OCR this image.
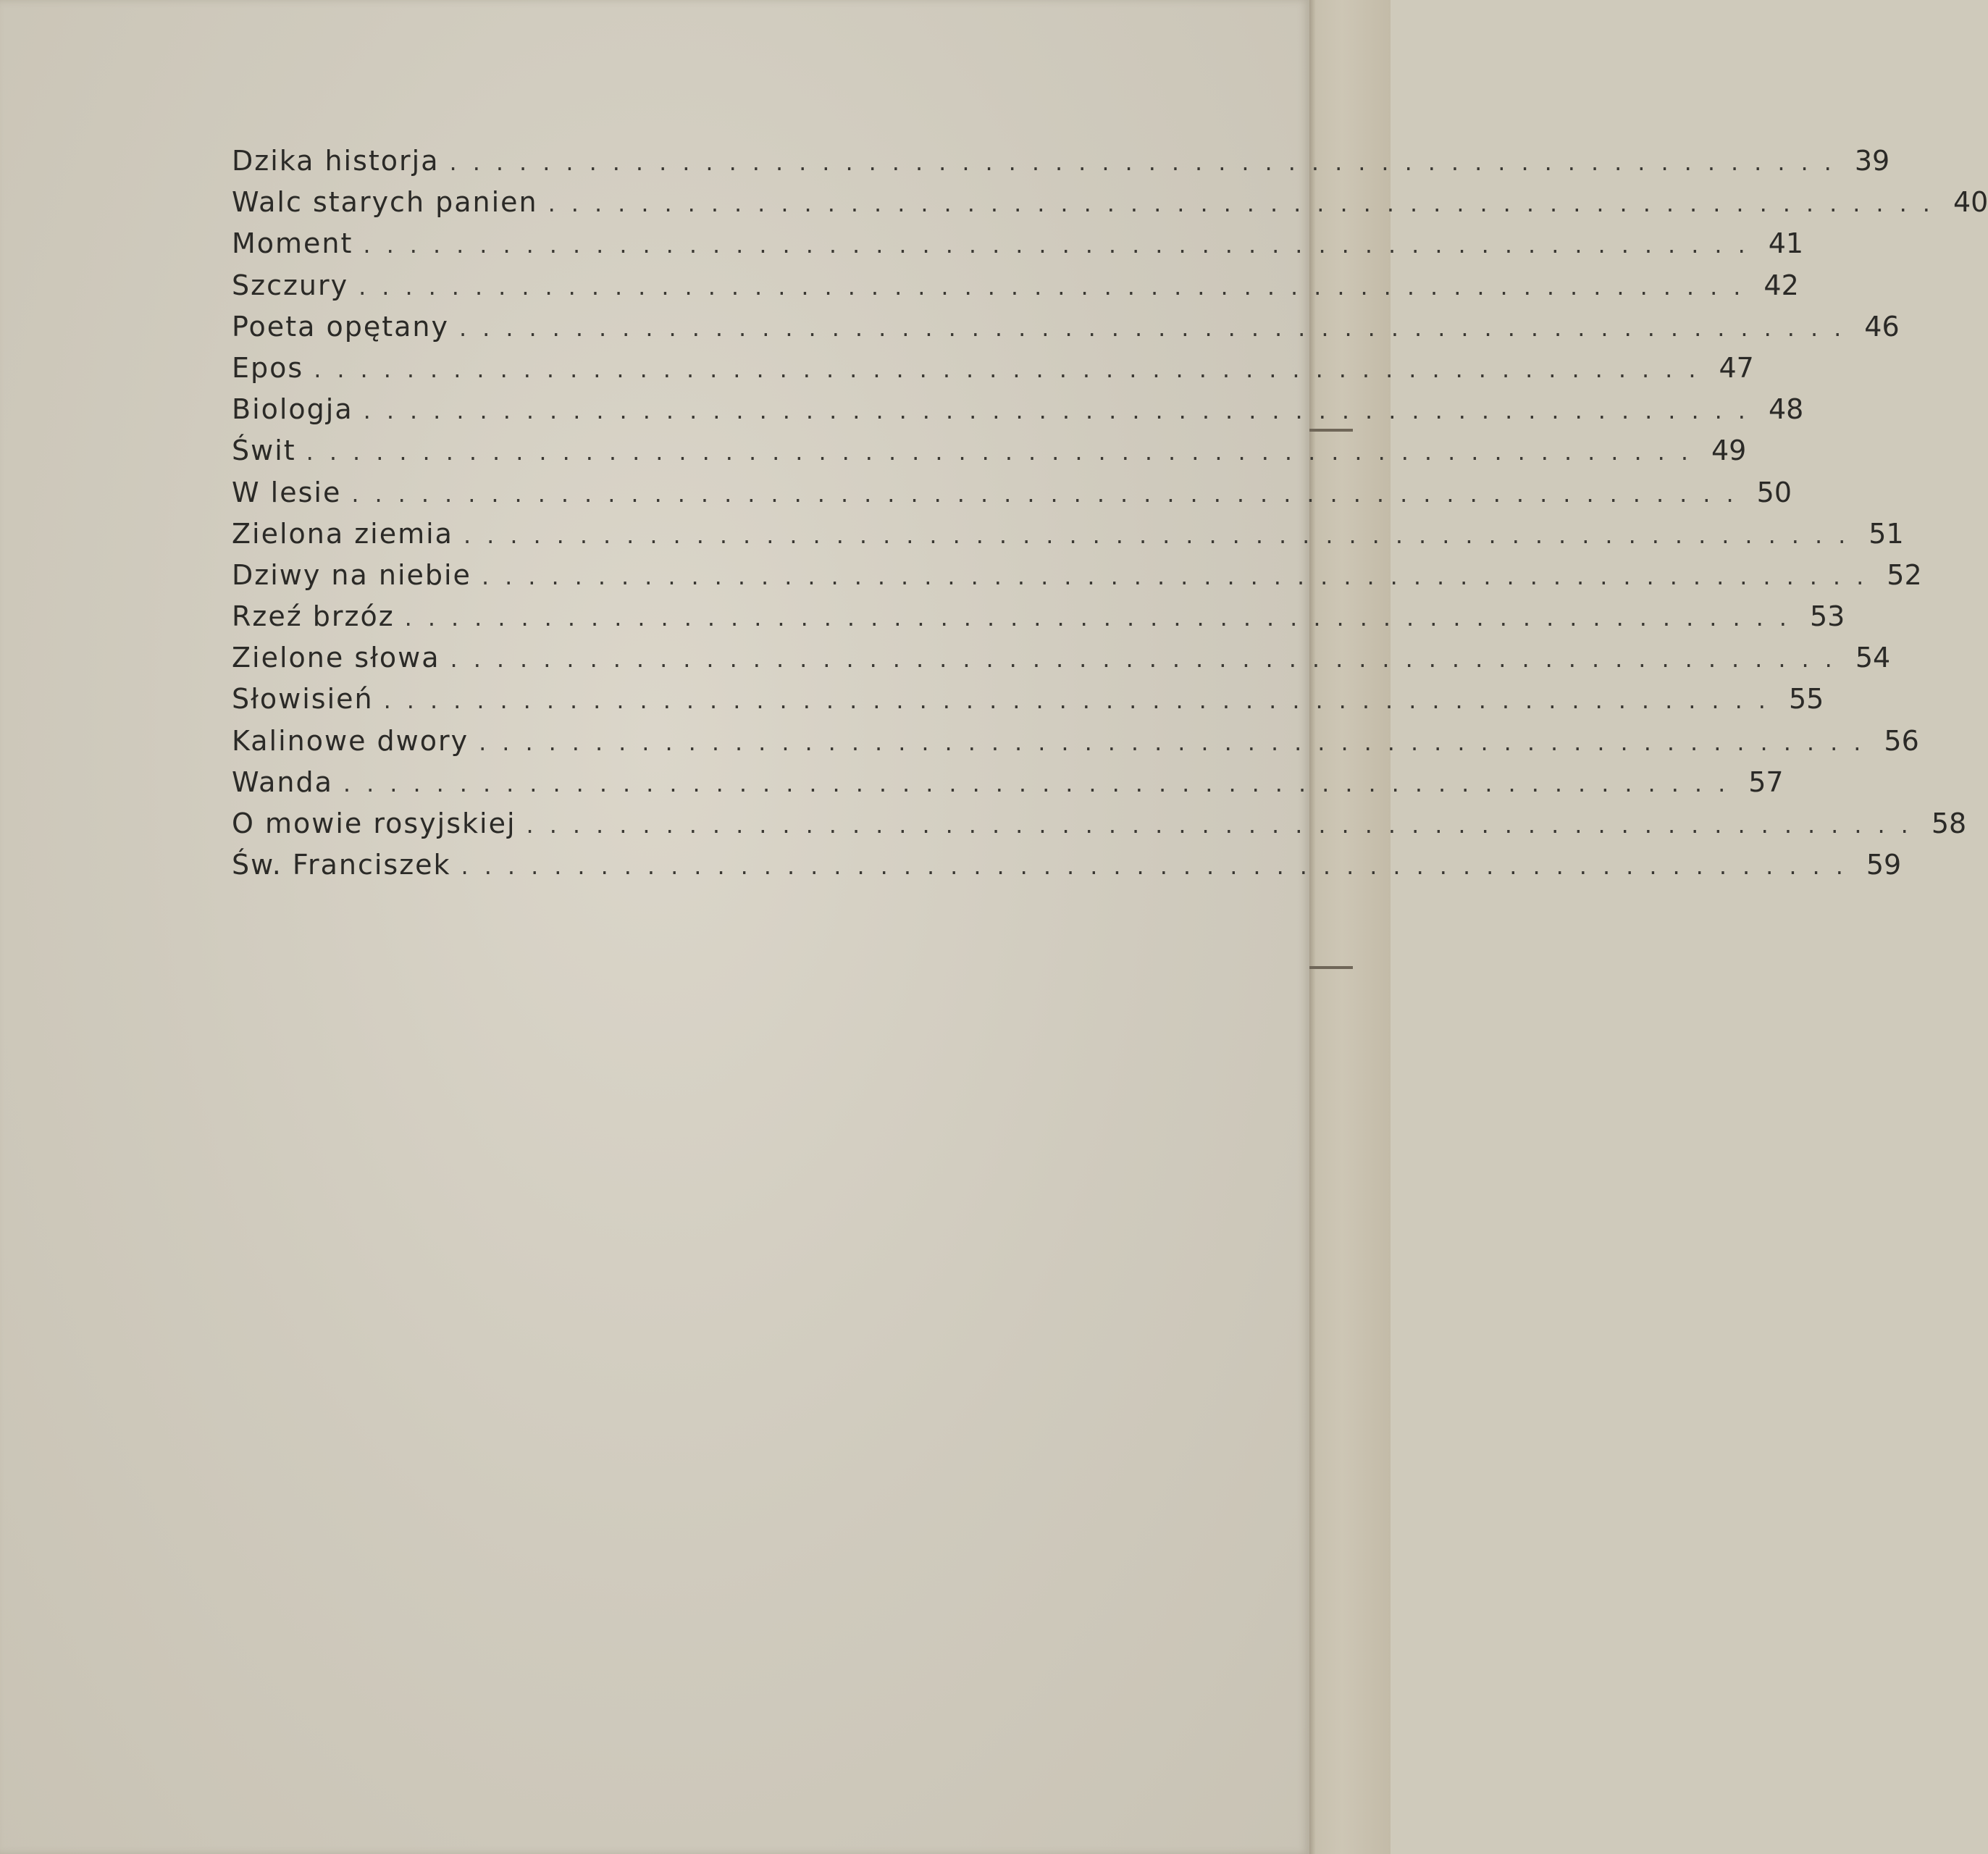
Dzika historja ............................................................ 39
Walc starych panien ............................................................ 40
Moment ............................................................ 41
Szczury ............................................................ 42
Poeta opętany ............................................................ 46
Epos ............................................................ 47
Biologja ............................................................ 48
Świt ............................................................ 49
W lesie ............................................................ 50
Zielona ziemia ............................................................ 51
Dziwy na niebie ............................................................ 52
Rzeź brzóz ............................................................ 53
Zielone słowa ............................................................ 54
Słowisień ............................................................ 55
Kalinowe dwory ............................................................ 56
Wanda ............................................................ 57
O mowie rosyjskiej ............................................................ 58
Św. Franciszek ............................................................ 59
